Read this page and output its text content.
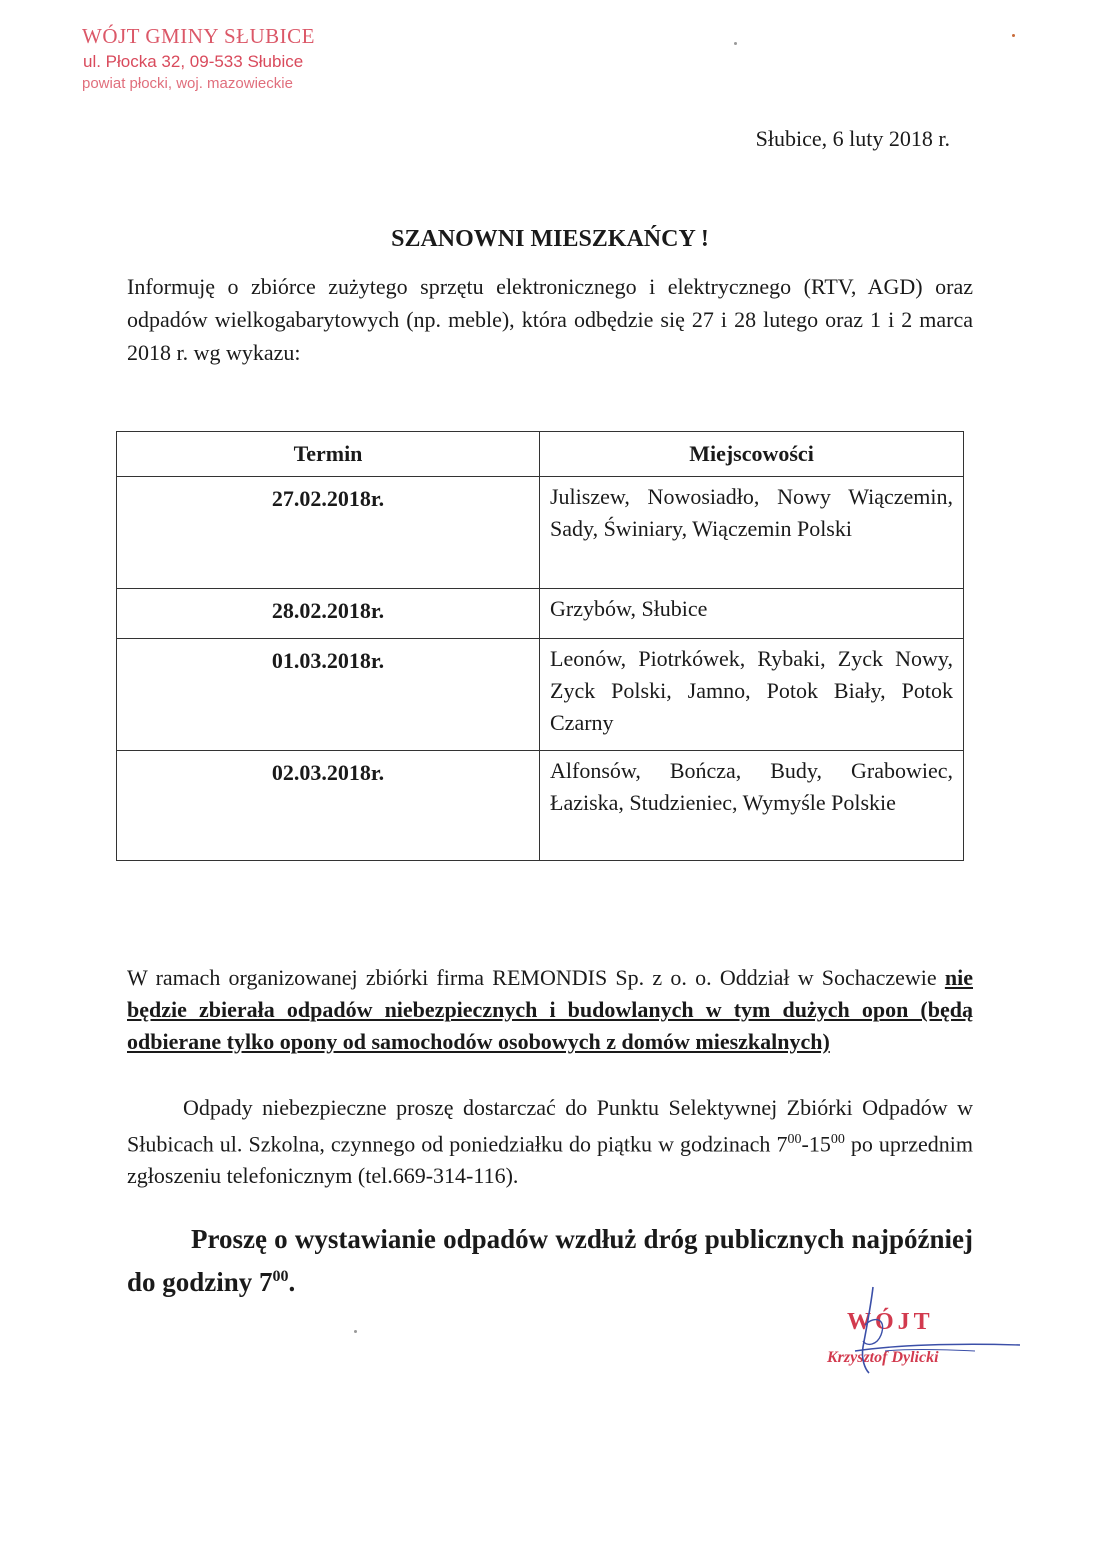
WÓJT GMINY SŁUBICE
ul. Płocka 32, 09-533 Słubice
powiat płocki, woj. mazowieckie
Słubice, 6 luty 2018 r.
SZANOWNI MIESZKAŃCY !
Informuję o zbiórce zużytego sprzętu elektronicznego i elektrycznego (RTV, AGD) oraz odpadów wielkogabarytowych (np. meble), która odbędzie się 27 i 28 lutego oraz 1 i 2 marca 2018 r. wg wykazu:
Termin	Miejscowości
27.02.2018r.	Juliszew, Nowosiadło, Nowy Wiączemin, Sady, Świniary, Wiączemin Polski
28.02.2018r.	Grzybów, Słubice
01.03.2018r.	Leonów, Piotrkówek, Rybaki, Zyck Nowy, Zyck Polski, Jamno, Potok Biały, Potok Czarny
02.03.2018r.	Alfonsów, Bończa, Budy, Grabowiec, Łaziska, Studzieniec, Wymyśle Polskie
W ramach organizowanej zbiórki firma REMONDIS Sp. z o. o. Oddział w Sochaczewie nie będzie zbierała odpadów niebezpiecznych i budowlanych w tym dużych opon (będą odbierane tylko opony od samochodów osobowych z domów mieszkalnych)
Odpady niebezpieczne proszę dostarczać do Punktu Selektywnej Zbiórki Odpadów w Słubicach ul. Szkolna, czynnego od poniedziałku do piątku w godzinach $7^{00}-15^{00}$ po uprzednim zgłoszeniu telefonicznym (tel.669-314-116).
Proszę o wystawianie odpadów wzdłuż dróg publicznych najpóźniej do godziny $7^{00}$.
WÓJT
Krzysztof Dylicki
